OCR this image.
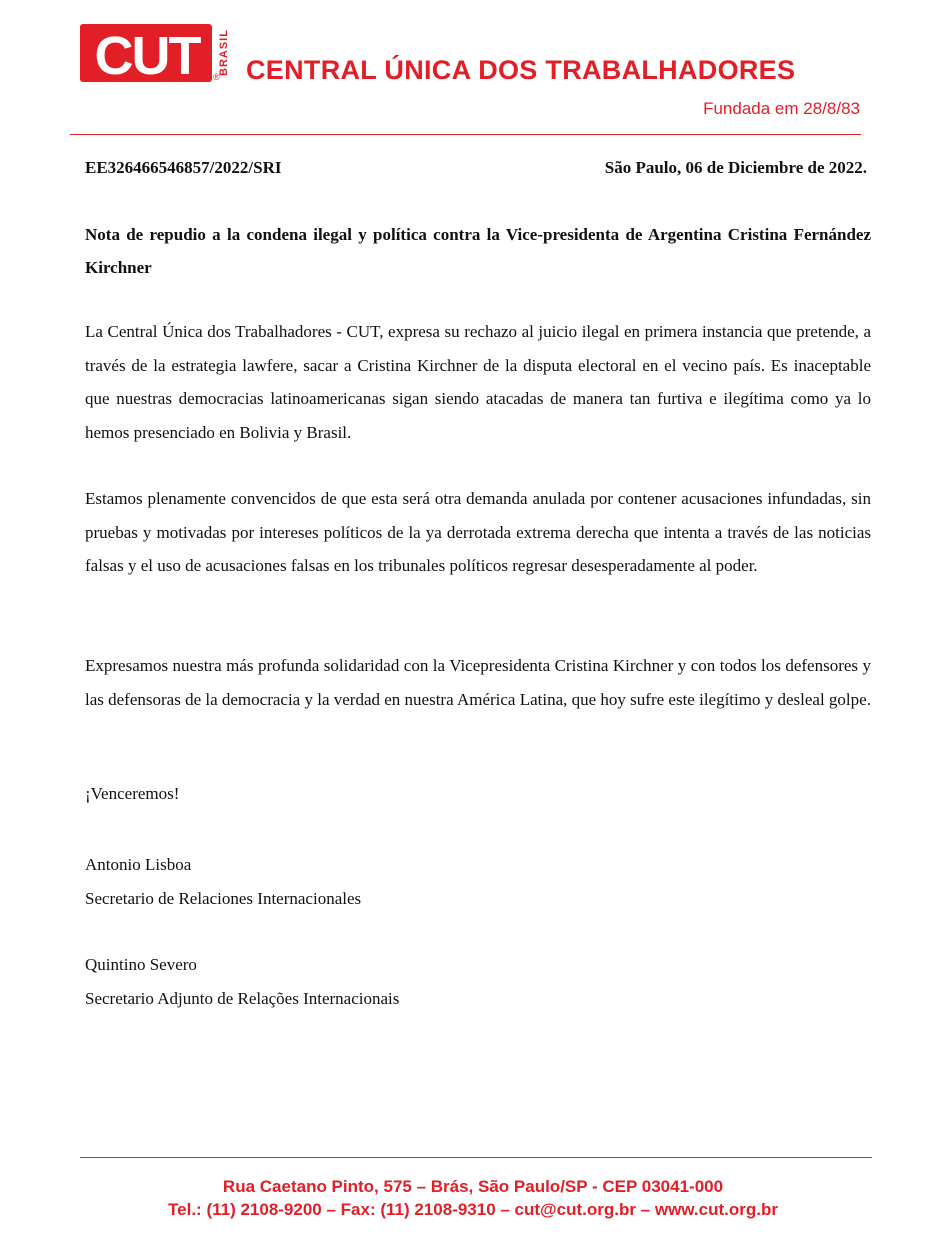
CUT	®
BRASIL CENTRAL ÚNICA DOS TRABALHADORES
Fundada em 28/8/83
EE326466546857/2022/SRI	São Paulo, 06 de Diciembre de 2022.
Nota de repudio a la condena ilegal y política contra la Vice-presidenta de Argentina Cristina Fernández Kirchner
La Central Única dos Trabalhadores - CUT, expresa su rechazo al juicio ilegal en primera instancia que pretende, a través de la estrategia lawfere, sacar a Cristina Kirchner de la disputa electoral en el vecino país. Es inaceptable que nuestras democracias latinoamericanas sigan siendo atacadas de manera tan furtiva e ilegítima como ya lo hemos presenciado en Bolivia y Brasil.
Estamos plenamente convencidos de que esta será otra demanda anulada por contener acusaciones infundadas, sin pruebas y motivadas por intereses políticos de la ya derrotada extrema derecha que intenta a través de las noticias falsas y el uso de acusaciones falsas en los tribunales políticos regresar desesperadamente al poder.
Expresamos nuestra más profunda solidaridad con la Vicepresidenta Cristina Kirchner y con todos los defensores y las defensoras de la democracia y la verdad en nuestra América Latina, que hoy sufre este ilegítimo y desleal golpe.
¡Venceremos!
Antonio Lisboa
Secretario de Relaciones Internacionales
Quintino Severo
Secretario Adjunto de Relações Internacionais
Rua Caetano Pinto, 575 – Brás, São Paulo/SP - CEP 03041-000
Tel.: (11) 2108-9200 – Fax: (11) 2108-9310 – cut@cut.org.br – www.cut.org.br
